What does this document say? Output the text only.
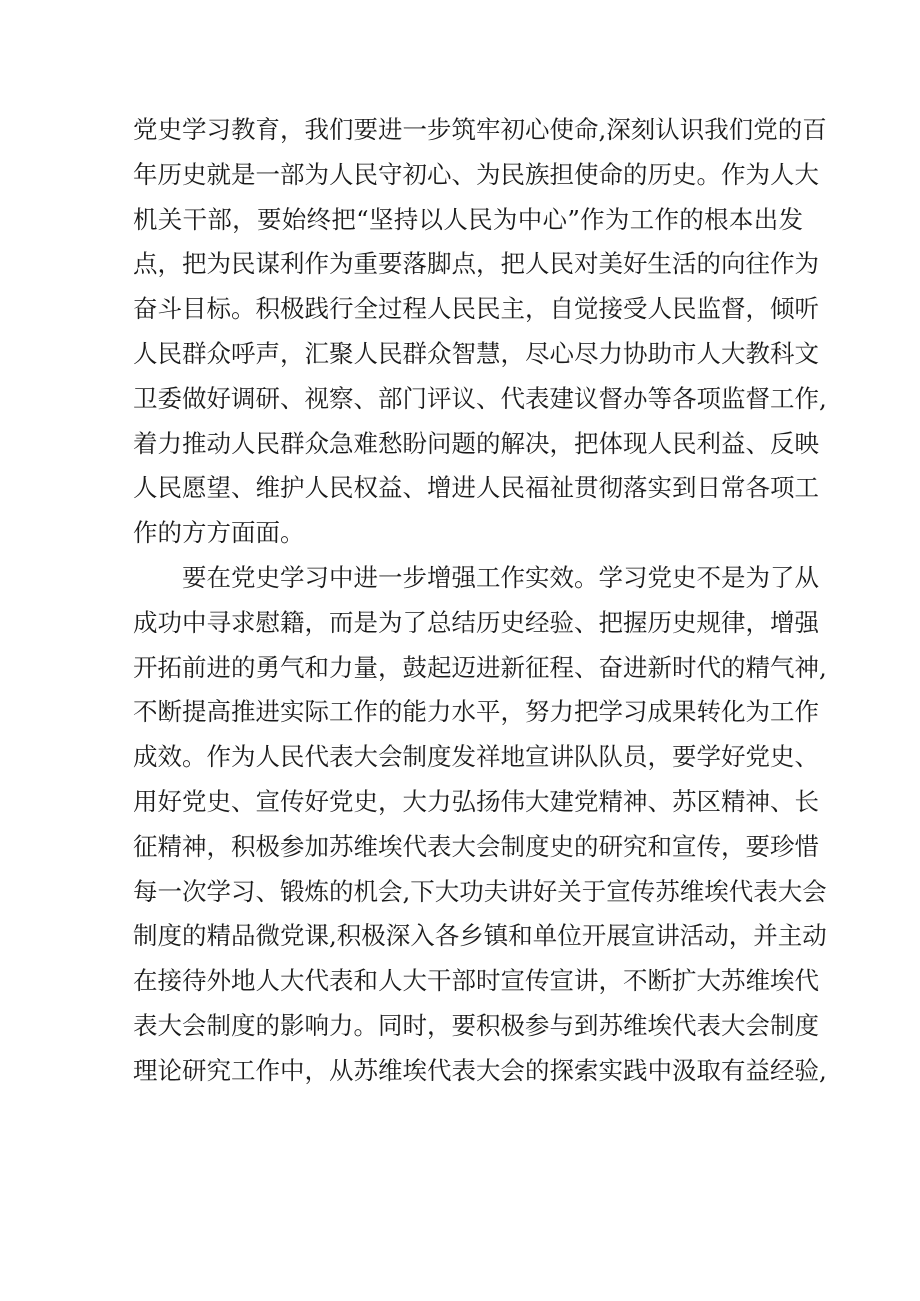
党史学习教育，我们要进一步筑牢初心使命,深刻认识我们党的百
年历史就是一部为人民守初心、为民族担使命的历史。作为人大
机关干部，要始终把“坚持以人民为中心”作为工作的根本出发
点，把为民谋利作为重要落脚点，把人民对美好生活的向往作为
奋斗目标。积极践行全过程人民民主，自觉接受人民监督，倾听
人民群众呼声，汇聚人民群众智慧，尽心尽力协助市人大教科文
卫委做好调研、视察、部门评议、代表建议督办等各项监督工作,
着力推动人民群众急难愁盼问题的解决，把体现人民利益、反映
人民愿望、维护人民权益、增进人民福祉贯彻落实到日常各项工
作的方方面面。
要在党史学习中进一步增强工作实效。学习党史不是为了从
成功中寻求慰籍，而是为了总结历史经验、把握历史规律，增强
开拓前进的勇气和力量，鼓起迈进新征程、奋进新时代的精气神,
不断提高推进实际工作的能力水平，努力把学习成果转化为工作
成效。作为人民代表大会制度发祥地宣讲队队员，要学好党史、
用好党史、宣传好党史，大力弘扬伟大建党精神、苏区精神、长
征精神，积极参加苏维埃代表大会制度史的研究和宣传，要珍惜
每一次学习、锻炼的机会,下大功夫讲好关于宣传苏维埃代表大会
制度的精品微党课,积极深入各乡镇和单位开展宣讲活动，并主动
在接待外地人大代表和人大干部时宣传宣讲，不断扩大苏维埃代
表大会制度的影响力。同时，要积极参与到苏维埃代表大会制度
理论研究工作中，从苏维埃代表大会的探索实践中汲取有益经验,
